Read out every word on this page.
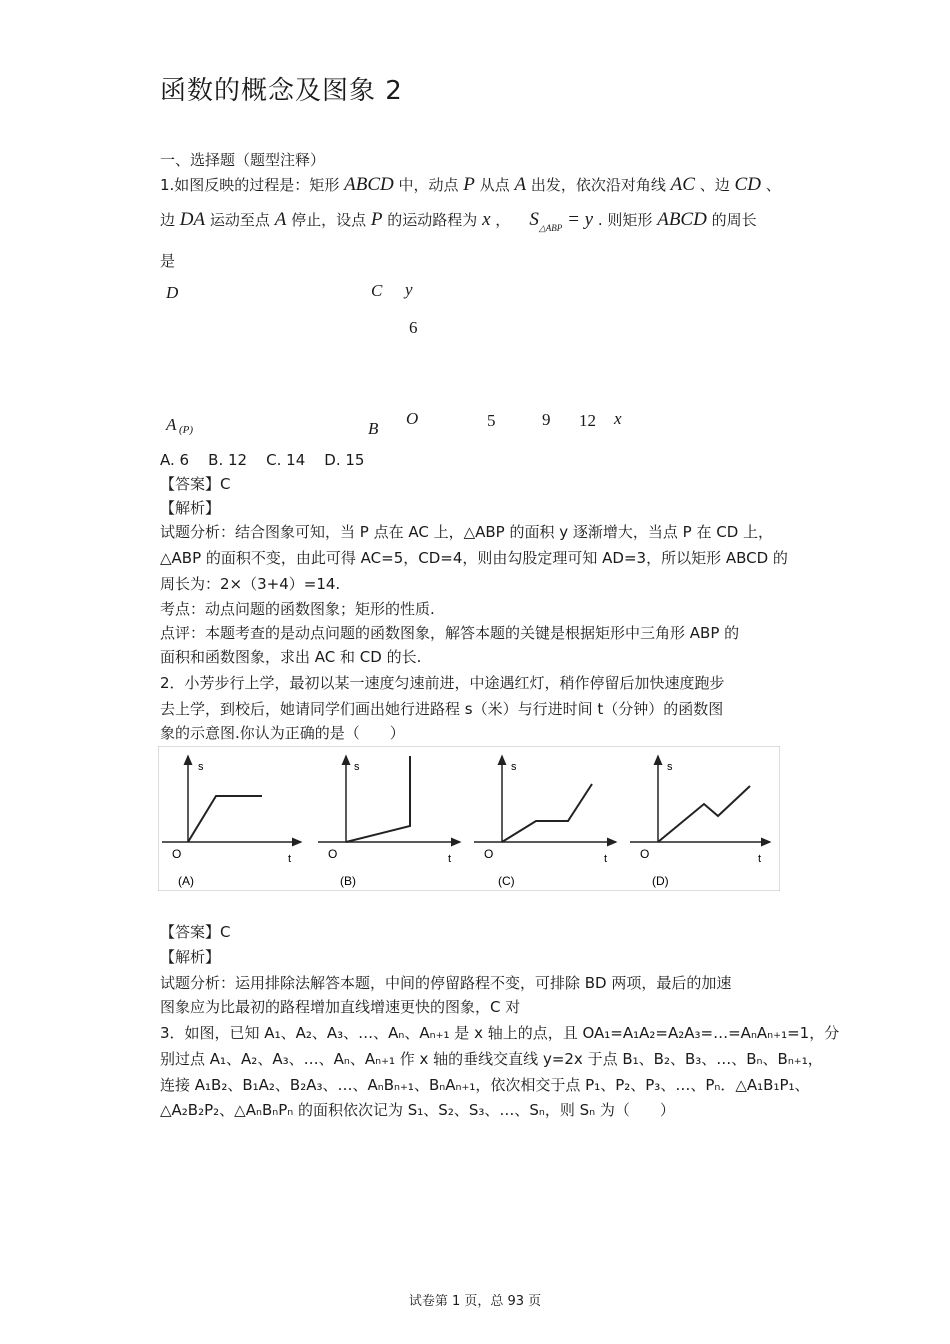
函数的概念及图象 2
一、选择题（题型注释）
1.如图反映的过程是：矩形 ABCD 中，动点 P 从点 A 出发，依次沿对角线 AC 、边 CD 、
边 DA 运动至点 A 停止，设点 P 的运动路程为 x ， $S_{\triangle ABP} = y$ . 则矩形 ABCD 的周长
是
D	C y
6
A (P)	B
O	5	9 12 x
A. 6    B. 12    C. 14    D. 15
【答案】C
【解析】
试题分析：结合图象可知，当 P 点在 AC 上，△ABP 的面积 y 逐渐增大，当点 P 在 CD 上，
△ABP 的面积不变，由此可得 AC=5，CD=4，则由勾股定理可知 AD=3，所以矩形 ABCD 的
周长为：2×（3+4）=14.
考点：动点问题的函数图象；矩形的性质.
点评：本题考查的是动点问题的函数图象，解答本题的关键是根据矩形中三角形 ABP 的
面积和函数图象，求出 AC 和 CD 的长.
2．小芳步行上学，最初以某一速度匀速前进，中途遇红灯，稍作停留后加快速度跑步
去上学，到校后，她请同学们画出她行进路程 s（米）与行进时间 t（分钟）的函数图
象的示意图.你认为正确的是（　　）
s
t
O
(A)
s
t
O
(B)
s
t
O
(C)
s
t
O
(D)
【答案】C
【解析】
试题分析：运用排除法解答本题，中间的停留路程不变，可排除 BD 两项，最后的加速
图象应为比最初的路程增加直线增速更快的图象，C 对
3．如图，已知 A₁、A₂、A₃、…、Aₙ、Aₙ₊₁ 是 x 轴上的点，且 OA₁=A₁A₂=A₂A₃=…=AₙAₙ₊₁=1，分
别过点 A₁、A₂、A₃、…、Aₙ、Aₙ₊₁ 作 x 轴的垂线交直线 y=2x 于点 B₁、B₂、B₃、…、Bₙ、Bₙ₊₁，
连接 A₁B₂、B₁A₂、B₂A₃、…、AₙBₙ₊₁、BₙAₙ₊₁，依次相交于点 P₁、P₂、P₃、…、Pₙ．△A₁B₁P₁、
△A₂B₂P₂、△AₙBₙPₙ 的面积依次记为 S₁、S₂、S₃、…、Sₙ，则 Sₙ 为（　　）
试卷第 1 页，总 93 页
